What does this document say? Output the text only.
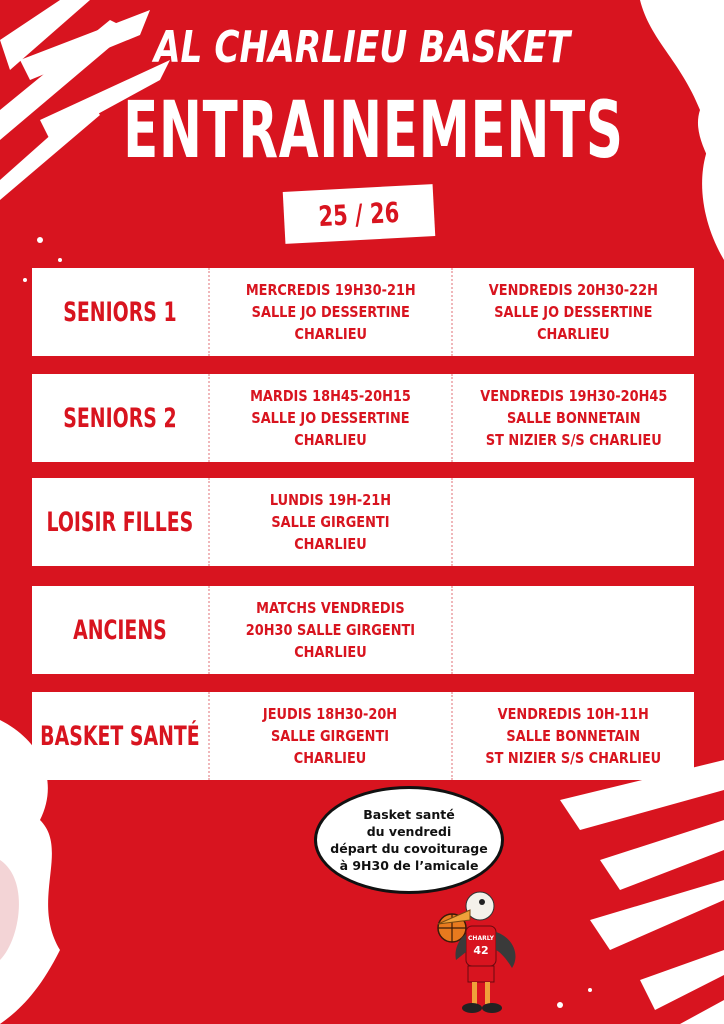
AL CHARLIEU BASKET
ENTRAINEMENTS
25 / 26
SENIORS 1
MERCREDIS 19H30-21H
SALLE JO DESSERTINE
CHARLIEU
VENDREDIS 20H30-22H
SALLE JO DESSERTINE
CHARLIEU
SENIORS 2
MARDIS 18H45-20H15
SALLE JO DESSERTINE
CHARLIEU
VENDREDIS 19H30-20H45
SALLE BONNETAIN
ST NIZIER S/S CHARLIEU
LOISIR FILLES
LUNDIS 19H-21H
SALLE GIRGENTI
CHARLIEU
ANCIENS
MATCHS VENDREDIS
20H30 SALLE GIRGENTI
CHARLIEU
BASKET SANTÉ
JEUDIS 18H30-20H
SALLE GIRGENTI
CHARLIEU
VENDREDIS 10H-11H
SALLE BONNETAIN
ST NIZIER S/S CHARLIEU
Basket santé
du vendredi
départ du covoiturage
à 9H30 de l’amicale
CHARLY
42
